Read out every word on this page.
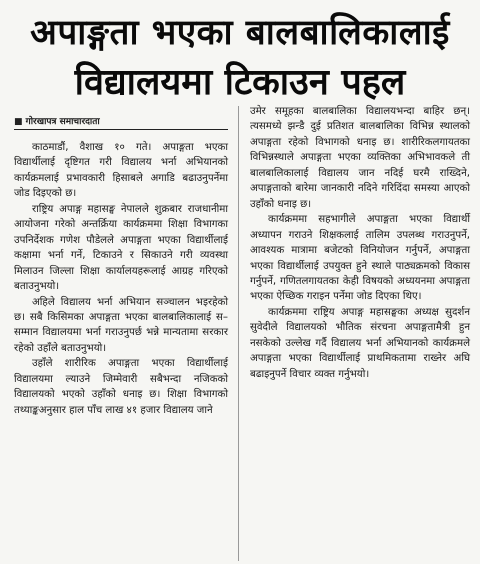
अपाङ्गता भएका बालबालिकालाई
विद्यालयमा टिकाउन पहल
■ गोरखापत्र समाचारदाता

काठमाडौं, वैशाख १० गते। अपाङ्गता भएका विद्यार्थीलाई दृष्टिगत गरी विद्यालय भर्ना अभियानको कार्यक्रमलाई प्रभावकारी हिसाबले अगाडि बढाउनुपर्नेमा जोड दिइएको छ।

राष्ट्रिय अपाङ्ग महासङ्घ नेपालले शुक्रबार राजधानीमा आयोजना गरेको अन्तर्क्रिया कार्यक्रममा शिक्षा विभागका उपनिर्देशक गणेश पौडेलले अपाङ्गता भएका विद्यार्थीलाई कक्षामा भर्ना गर्ने, टिकाउने र सिकाउने गरी व्यवस्था मिलाउन जिल्ला शिक्षा कार्यालयहरूलाई आग्रह गरिएको बताउनुभयो।

अहिले विद्यालय भर्ना अभियान सञ्चालन भइरहेको छ। सबै किसिमका अपाङ्गता भएका बालबालिकालाई स–सम्मान विद्यालयमा भर्ना गराउनुपर्छ भन्ने मान्यतामा सरकार रहेको उहाँले बताउनुभयो।

उहाँले शारीरिक अपाङ्गता भएका विद्यार्थीलाई विद्यालयमा ल्याउने जिम्मेवारी सबैभन्दा नजिकको विद्यालयको भएको उहाँको धनाइ छ। शिक्षा विभागको तथ्याङ्कअनुसार हाल पाँच लाख ४१ हजार विद्यालय जाने

उमेर समूहका बालबालिका विद्यालयभन्दा बाहिर छन्। त्यसमध्ये झन्डै दुई प्रतिशत बालबालिका विभिन्न स्थालको अपाङ्गता रहेको विभागको धनाइ छ। शारीरिकलगायतका विभिन्नस्थाले अपाङ्गता भएका व्यक्तिका अभिभावकले ती बालबालिकालाई विद्यालय जान नदिई घरमै राख्दिने, अपाङ्गताको बारेमा जानकारी नदिने गरिदिंदा समस्या आएको उहाँको धनाइ छ।

कार्यक्रममा सहभागीले अपाङ्गता भएका विद्यार्थी अध्यापन गराउने शिक्षकलाई तालिम उपलब्ध गराउनुपर्ने, आवश्यक मात्रामा बजेटको विनियोजन गर्नुपर्ने, अपाङ्गता भएका विद्यार्थीलाई उपयुक्त हुने स्थाले पाठ्यक्रमको विकास गर्नुपर्ने, गणितलगायतका केही विषयको अध्ययनमा अपाङ्गता भएका ऐच्छिक गराइन पर्नेमा जोड दिएका थिए।

कार्यक्रममा राष्ट्रिय अपाङ्ग महासङ्घका अध्यक्ष सुदर्शन सुवेदीले विद्यालयको भौतिक संरचना अपाङ्गतामैत्री हुन नसकेको उल्लेख गर्दै विद्यालय भर्ना अभियानको कार्यक्रमले अपाङ्गता भएका विद्यार्थीलाई प्राथमिकतामा राख्नेर अघि बढाइनुपर्ने विचार व्यक्त गर्नुभयो।
